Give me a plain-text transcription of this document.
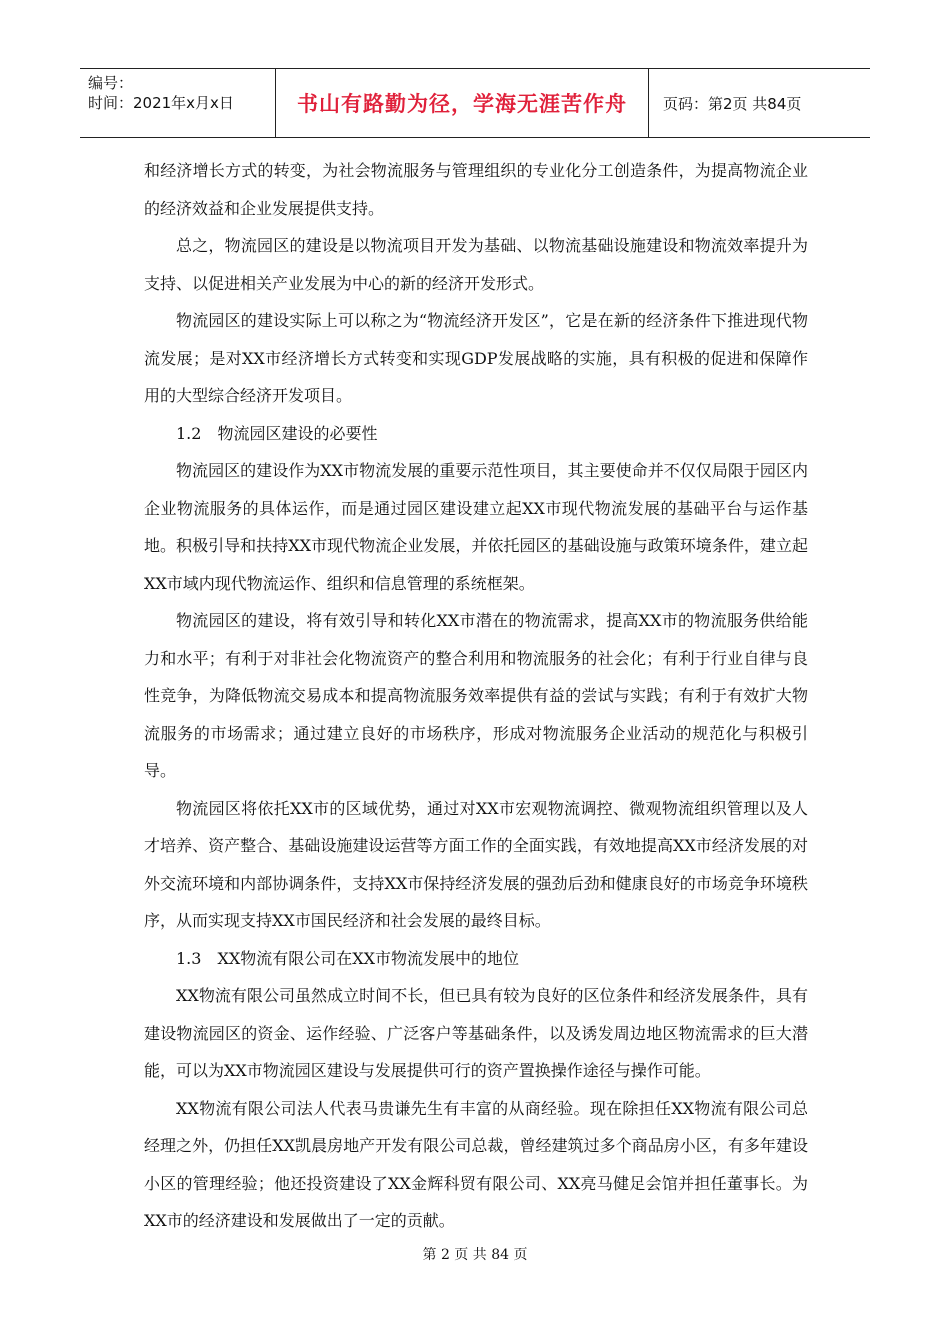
编号：
时间：2021年x月x日	书山有路勤为径，学海无涯苦作舟	页码：第2页 共84页

和经济增长方式的转变，为社会物流服务与管理组织的专业化分工创造条件，为提高物流企业的经济效益和企业发展提供支持。

总之，物流园区的建设是以物流项目开发为基础、以物流基础设施建设和物流效率提升为支持、以促进相关产业发展为中心的新的经济开发形式。

物流园区的建设实际上可以称之为“物流经济开发区”，它是在新的经济条件下推进现代物流发展；是对XX市经济增长方式转变和实现GDP发展战略的实施，具有积极的促进和保障作用的大型综合经济开发项目。

1.2　物流园区建设的必要性

物流园区的建设作为XX市物流发展的重要示范性项目，其主要使命并不仅仅局限于园区内企业物流服务的具体运作，而是通过园区建设建立起XX市现代物流发展的基础平台与运作基地。积极引导和扶持XX市现代物流企业发展，并依托园区的基础设施与政策环境条件，建立起XX市域内现代物流运作、组织和信息管理的系统框架。

物流园区的建设，将有效引导和转化XX市潜在的物流需求，提高XX市的物流服务供给能力和水平；有利于对非社会化物流资产的整合利用和物流服务的社会化；有利于行业自律与良性竞争，为降低物流交易成本和提高物流服务效率提供有益的尝试与实践；有利于有效扩大物流服务的市场需求；通过建立良好的市场秩序，形成对物流服务企业活动的规范化与积极引导。

物流园区将依托XX市的区域优势，通过对XX市宏观物流调控、微观物流组织管理以及人才培养、资产整合、基础设施建设运营等方面工作的全面实践，有效地提高XX市经济发展的对外交流环境和内部协调条件，支持XX市保持经济发展的强劲后劲和健康良好的市场竞争环境秩序，从而实现支持XX市国民经济和社会发展的最终目标。

1.3　XX物流有限公司在XX市物流发展中的地位

XX物流有限公司虽然成立时间不长，但已具有较为良好的区位条件和经济发展条件，具有建设物流园区的资金、运作经验、广泛客户等基础条件，以及诱发周边地区物流需求的巨大潜能，可以为XX市物流园区建设与发展提供可行的资产置换操作途径与操作可能。

XX物流有限公司法人代表马贵谦先生有丰富的从商经验。现在除担任XX物流有限公司总经理之外，仍担任XX凯晨房地产开发有限公司总裁，曾经建筑过多个商品房小区，有多年建设小区的管理经验；他还投资建设了XX金辉科贸有限公司、XX亮马健足会馆并担任董事长。为XX市的经济建设和发展做出了一定的贡献。

第 2 页 共 84 页
